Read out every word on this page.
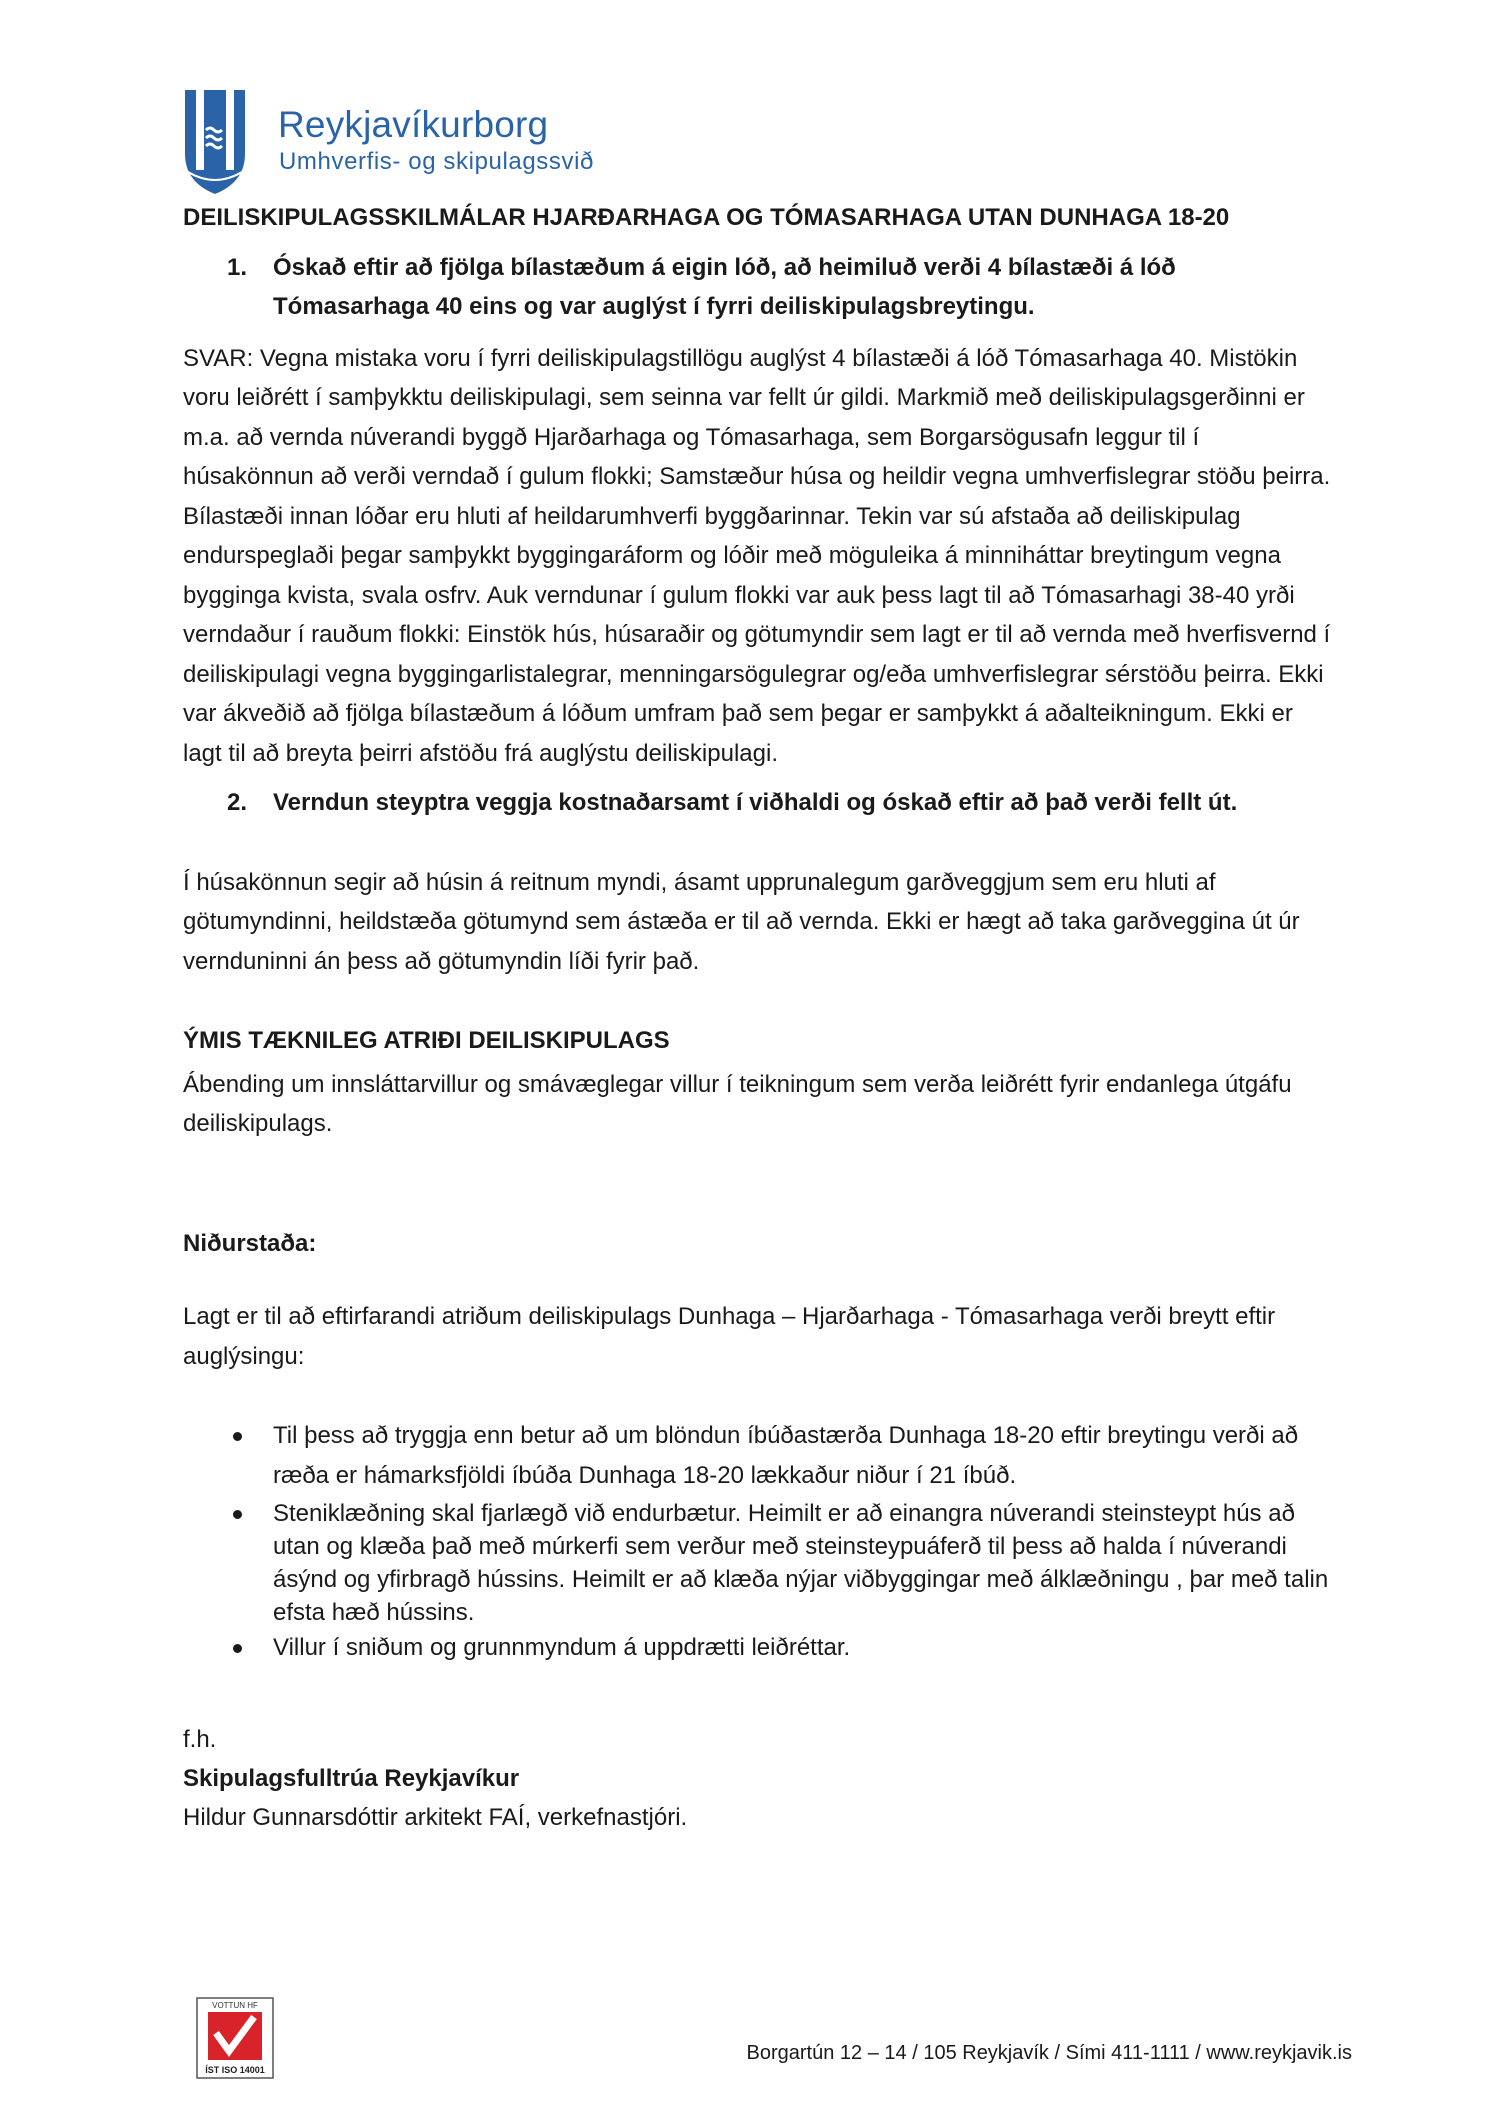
Reykjavíkurborg
Umhverfis- og skipulagssvið

DEILISKIPULAGSSKILMÁLAR HJARÐARHAGA OG TÓMASARHAGA UTAN DUNHAGA 18-20

1.	Óskað eftir að fjölga bílastæðum á eigin lóð, að heimiluð verði 4 bílastæði á lóð Tómasarhaga 40 eins og var auglýst í fyrri deiliskipulagsbreytingu.

SVAR: Vegna mistaka voru í fyrri deiliskipulagstillögu auglýst 4 bílastæði á lóð Tómasarhaga 40. Mistökin voru leiðrétt í samþykktu deiliskipulagi, sem seinna var fellt úr gildi. Markmið með deiliskipulagsgerðinni er m.a. að vernda núverandi byggð Hjarðarhaga og Tómasarhaga, sem Borgarsögusafn leggur til í húsakönnun að verði verndað í gulum flokki; Samstæður húsa og heildir vegna umhverfislegrar stöðu þeirra. Bílastæði innan lóðar eru hluti af heildarumhverfi byggðarinnar. Tekin var sú afstaða að deiliskipulag endurspeglaði þegar samþykkt byggingaráform og lóðir með möguleika á minniháttar breytingum vegna bygginga kvista, svala osfrv. Auk verndunar í gulum flokki var auk þess lagt til að Tómasarhagi 38-40 yrði verndaður í rauðum flokki: Einstök hús, húsaraðir og götumyndir sem lagt er til að vernda með hverfisvernd í deiliskipulagi vegna byggingarlistalegrar, menningarsögulegrar og/eða umhverfislegrar sérstöðu þeirra. Ekki var ákveðið að fjölga bílastæðum á lóðum umfram það sem þegar er samþykkt á aðalteikningum. Ekki er lagt til að breyta þeirri afstöðu frá auglýstu deiliskipulagi.

2.	Verndun steyptra veggja kostnaðarsamt í viðhaldi og óskað eftir að það verði fellt út.

Í húsakönnun segir að húsin á reitnum myndi, ásamt upprunalegum garðveggjum sem eru hluti af götumyndinni, heildstæða götumynd sem ástæða er til að vernda. Ekki er hægt að taka garðveggina út úr vernduninni án þess að götumyndin líði fyrir það.

ÝMIS TÆKNILEG ATRIÐI DEILISKIPULAGS

Ábending um innsláttarvillur og smávæglegar villur í teikningum sem verða leiðrétt fyrir endanlega útgáfu deiliskipulags.

Niðurstaða:

Lagt er til að eftirfarandi atriðum deiliskipulags Dunhaga – Hjarðarhaga - Tómasarhaga verði breytt eftir auglýsingu:

Til þess að tryggja enn betur að um blöndun íbúðastærða Dunhaga 18-20 eftir breytingu verði að ræða er hámarksfjöldi íbúða Dunhaga 18-20 lækkaður niður í 21 íbúð.
Steniklæðning skal fjarlægð við endurbætur. Heimilt er að einangra núverandi steinsteypt hús að utan og klæða það með múrkerfi sem verður með steinsteypuáferð til þess að halda í núverandi ásýnd og yfirbragð hússins. Heimilt er að klæða nýjar viðbyggingar með álklæðningu , þar með talin efsta hæð hússins.
Villur í sniðum og grunnmyndum á uppdrætti leiðréttar.

f.h.

Skipulagsfulltrúa Reykjavíkur

Hildur Gunnarsdóttir arkitekt FAÍ, verkefnastjóri.

VOTTUN HF
ÍST ISO 14001
Borgartún 12 – 14 / 105 Reykjavík / Sími 411-1111 / www.reykjavik.is
